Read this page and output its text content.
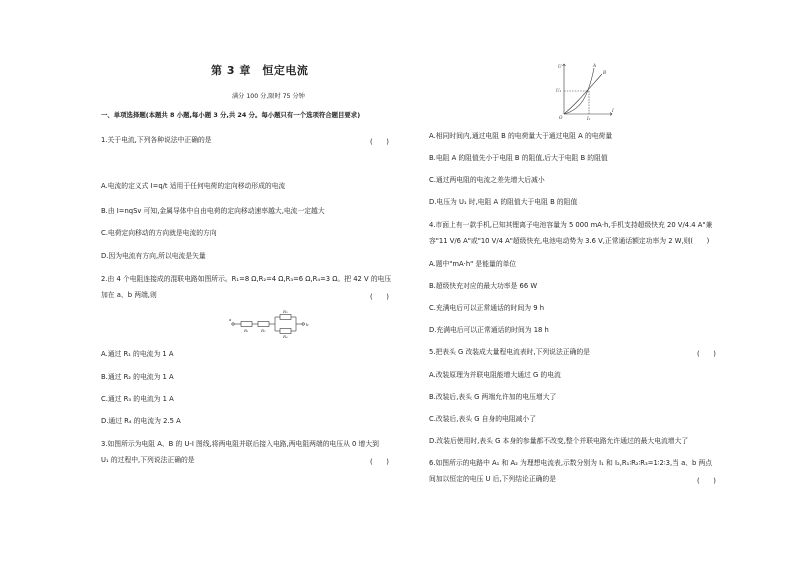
第 3 章　恒定电流
满分 100 分,限时 75 分钟
一、单项选择题(本题共 8 小题,每小题 3 分,共 24 分。每小题只有一个选项符合题目要求)
1.关于电流,下列各种说法中正确的是	(　　)
A.电流的定义式 I=q/t 适用于任何电荷的定向移动形成的电流
B.由 I=nqSv 可知,金属导体中自由电荷的定向移动速率越大,电流一定越大
C.电荷定向移动的方向就是电流的方向
D.因为电流有方向,所以电流是矢量
2.由 4 个电阻连接成的混联电路如图所示。R₁=8 Ω,R₂=4 Ω,R₃=6 Ω,R₄=3 Ω。把 42 V 的电压
加在 a、b 两端,则	(　　)
a
b
R₁	R₂
R₃
R₄
A.通过 R₁ 的电流为 1 A
B.通过 R₂ 的电流为 1 A
C.通过 R₃ 的电流为 1 A
D.通过 R₄ 的电流为 2.5 A
3.如图所示为电阻 A、B 的 U-I 图线,将两电阻并联后接入电路,两电阻两端的电压从 0 增大到
U₁ 的过程中,下列说法正确的是	(　　)
U
I
O
A
B
U₁
I₁
A.相同时间内,通过电阻 B 的电荷量大于通过电阻 A 的电荷量
B.电阻 A 的阻值先小于电阻 B 的阻值,后大于电阻 B 的阻值
C.通过两电阻的电流之差先增大后减小
D.电压为 U₁ 时,电阻 A 的阻值大于电阻 B 的阻值
4.市面上有一款手机,已知其锂离子电池容量为 5 000 mA·h,手机支持超级快充 20 V/4.4 A"兼
容"11 V/6 A"或"10 V/4 A"超级快充,电池电动势为 3.6 V,正常通话额定功率为 2 W,则(　　)
A.题中"mA·h" 是能量的单位
B.超级快充对应的最大功率是 66 W
C.充满电后可以正常通话的时间为 9 h
D.充满电后可以正常通话的时间为 18 h
5.把表头 G 改装成大量程电流表时,下列说法正确的是	(　　)
A.改装原理为并联电阻能增大通过 G 的电流
B.改装后,表头 G 两端允许加的电压增大了
C.改装后,表头 G 自身的电阻减小了
D.改装后使用时,表头 G 本身的参量都不改变,整个并联电路允许通过的最大电流增大了
6.如图所示的电路中 A₁ 和 A₂ 为理想电流表,示数分别为 I₁ 和 I₂,R₁∶R₂∶R₃=1∶2∶3,当 a、b 两点
间加以恒定的电压 U 后,下列结论正确的是	(　　)
